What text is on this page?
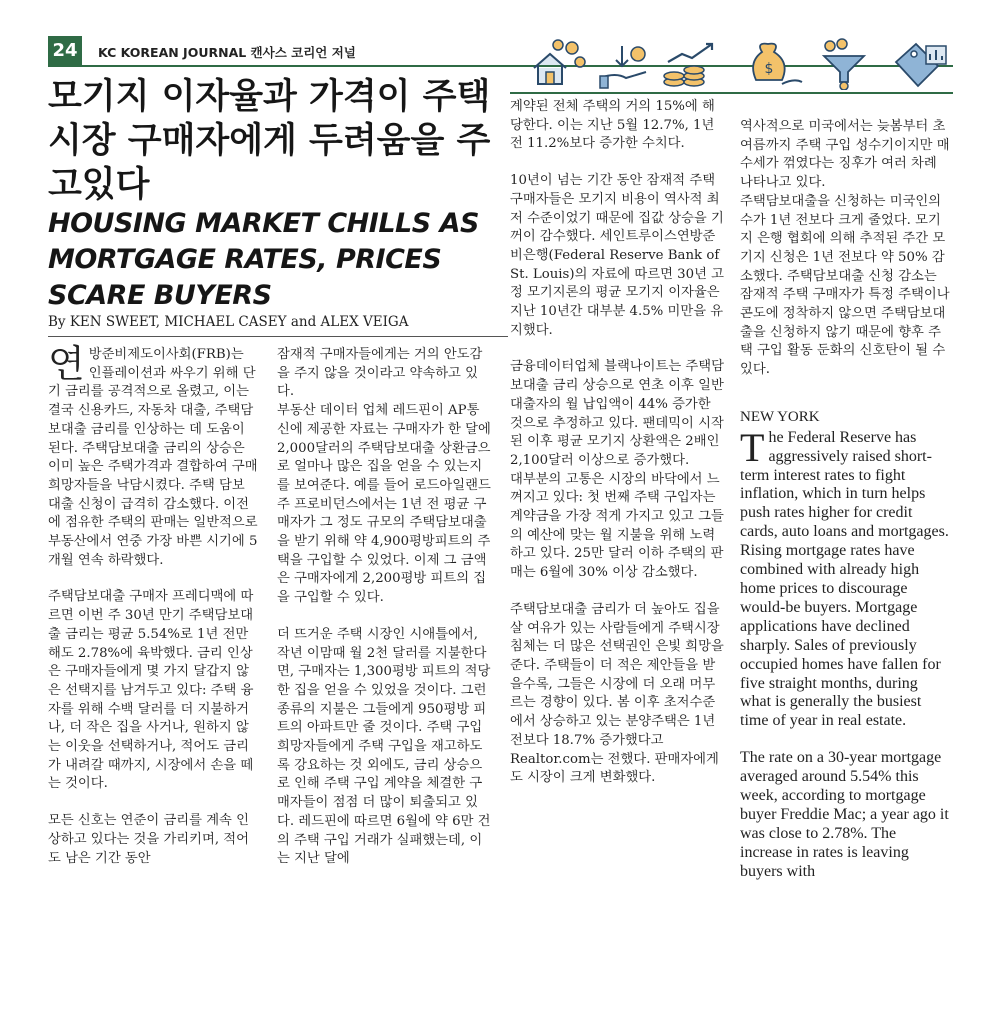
24	KC KOREAN JOURNAL 캔사스 코리언 저널
$
모기지 이자율과 가격이 주택시장 구매자에게 두려움을 주고있다
HOUSING MARKET CHILLS AS MORTGAGE RATES, PRICES SCARE BUYERS
By KEN SWEET, MICHAEL CASEY and ALEX VEIGA

연방준비제도이사회(FRB)는 인플레이션과 싸우기 위해 단기 금리를 공격적으로 올렸고, 이는 결국 신용카드, 자동차 대출, 주택담보대출 금리를 인상하는 데 도움이 된다. 주택담보대출 금리의 상승은 이미 높은 주택가격과 결합하여 구매 희망자들을 낙담시켰다. 주택 담보 대출 신청이 급격히 감소했다. 이전에 점유한 주택의 판매는 일반적으로 부동산에서 연중 가장 바쁜 시기에 5개월 연속 하락했다.

주택담보대출 구매자 프레디맥에 따르면 이번 주 30년 만기 주택담보대출 금리는 평균 5.54%로 1년 전만 해도 2.78%에 육박했다. 금리 인상은 구매자들에게 몇 가지 달갑지 않은 선택지를 남겨두고 있다: 주택 융자를 위해 수백 달러를 더 지불하거나, 더 작은 집을 사거나, 원하지 않는 이웃을 선택하거나, 적어도 금리가 내려갈 때까지, 시장에서 손을 떼는 것이다.

모든 신호는 연준이 금리를 계속 인상하고 있다는 것을 가리키며, 적어도 남은 기간 동안

잠재적 구매자들에게는 거의 안도감을 주지 않을 것이라고 약속하고 있다.

부동산 데이터 업체 레드핀이 AP통신에 제공한 자료는 구매자가 한 달에 2,000달러의 주택담보대출 상환금으로 얼마나 많은 집을 얻을 수 있는지를 보여준다. 예를 들어 로드아일랜드주 프로비던스에서는 1년 전 평균 구매자가 그 정도 규모의 주택담보대출을 받기 위해 약 4,900평방피트의 주택을 구입할 수 있었다. 이제 그 금액은 구매자에게 2,200평방 피트의 집을 구입할 수 있다.

더 뜨거운 주택 시장인 시애틀에서, 작년 이맘때 월 2천 달러를 지불한다면, 구매자는 1,300평방 피트의 적당한 집을 얻을 수 있었을 것이다. 그런 종류의 지불은 그들에게 950평방 피트의 아파트만 줄 것이다. 주택 구입 희망자들에게 주택 구입을 재고하도록 강요하는 것 외에도, 금리 상승으로 인해 주택 구입 계약을 체결한 구매자들이 점점 더 많이 퇴출되고 있다. 레드핀에 따르면 6월에 약 6만 건의 주택 구입 거래가 실패했는데, 이는 지난 달에

계약된 전체 주택의 거의 15%에 해당한다. 이는 지난 5월 12.7%, 1년 전 11.2%보다 증가한 수치다.

10년이 넘는 기간 동안 잠재적 주택 구매자들은 모기지 비용이 역사적 최저 수준이었기 때문에 집값 상승을 기꺼이 감수했다. 세인트루이스연방준비은행(Federal Reserve Bank of St. Louis)의 자료에 따르면 30년 고정 모기지론의 평균 모기지 이자율은 지난 10년간 대부분 4.5% 미만을 유지했다.

금융데이터업체 블랙나이트는 주택담보대출 금리 상승으로 연초 이후 일반 대출자의 월 납입액이 44% 증가한 것으로 추정하고 있다. 팬데믹이 시작된 이후 평균 모기지 상환액은 2배인 2,100달러 이상으로 증가했다.

대부분의 고통은 시장의 바닥에서 느껴지고 있다: 첫 번째 주택 구입자는 계약금을 가장 적게 가지고 있고 그들의 예산에 맞는 월 지불을 위해 노력하고 있다. 25만 달러 이하 주택의 판매는 6월에 30% 이상 감소했다.

주택담보대출 금리가 더 높아도 집을 살 여유가 있는 사람들에게 주택시장 침체는 더 많은 선택권인 은빛 희망을 준다. 주택들이 더 적은 제안들을 받을수록, 그들은 시장에 더 오래 머무르는 경향이 있다. 봄 이후 초저수준에서 상승하고 있는 분양주택은 1년 전보다 18.7% 증가했다고 Realtor.com는 전했다. 판매자에게도 시장이 크게 변화했다.

역사적으로 미국에서는 늦봄부터 초여름까지 주택 구입 성수기이지만 매수세가 꺾였다는 징후가 여러 차례 나타나고 있다.

주택담보대출을 신청하는 미국인의 수가 1년 전보다 크게 줄었다. 모기지 은행 협회에 의해 추적된 주간 모기지 신청은 1년 전보다 약 50% 감소했다. 주택담보대출 신청 감소는 잠재적 주택 구매자가 특정 주택이나 콘도에 정착하지 않으면 주택담보대출을 신청하지 않기 때문에 향후 주택 구입 활동 둔화의 신호탄이 될 수 있다.

NEW YORK

The Federal Reserve has aggressively raised short-term interest rates to fight inflation, which in turn helps push rates higher for credit cards, auto loans and mortgages. Rising mortgage rates have combined with already high home prices to discourage would-be buyers. Mortgage applications have declined sharply. Sales of previously occupied homes have fallen for five straight months, during what is generally the busiest time of year in real estate.

The rate on a 30-year mortgage averaged around 5.54% this week, according to mortgage buyer Freddie Mac; a year ago it was close to 2.78%. The increase in rates is leaving buyers with
